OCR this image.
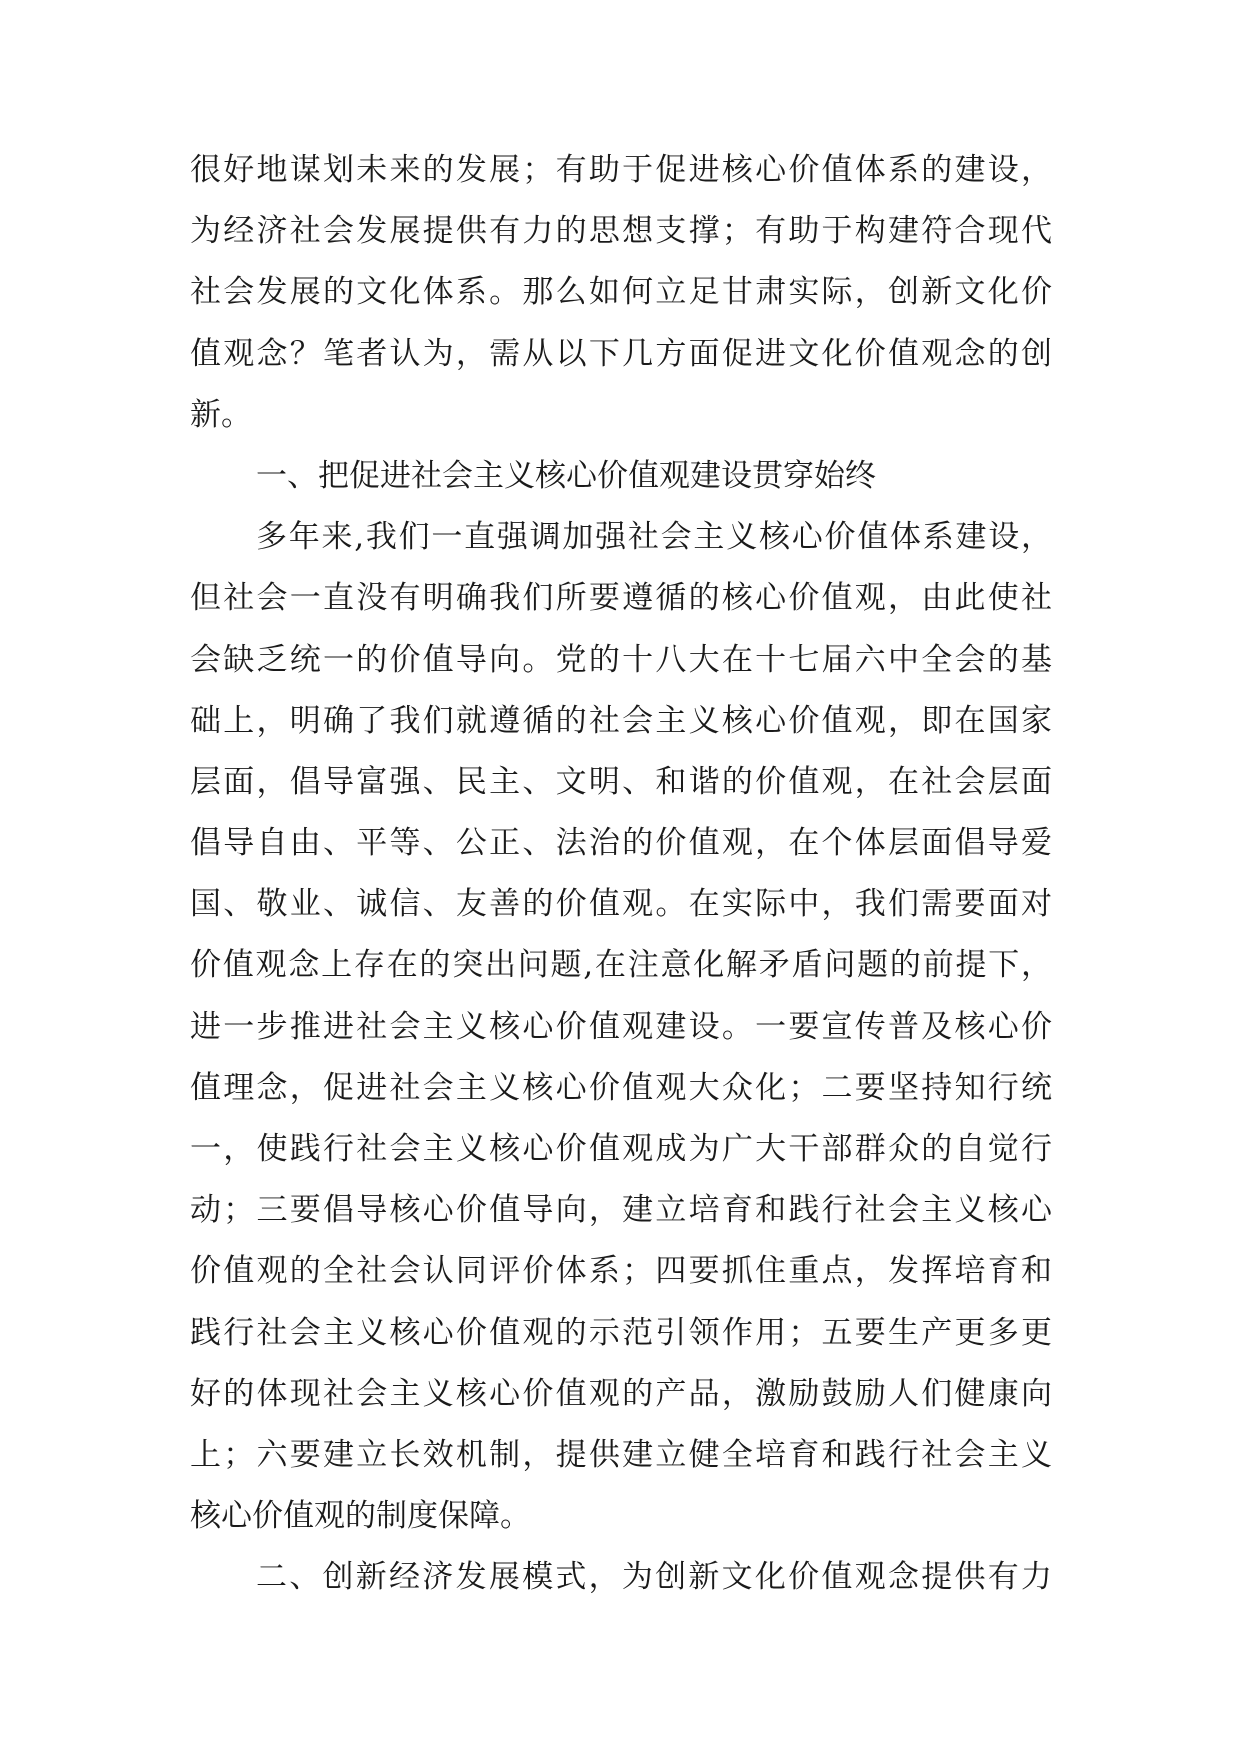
很好地谋划未来的发展；有助于促进核心价值体系的建设，
为经济社会发展提供有力的思想支撑；有助于构建符合现代
社会发展的文化体系。那么如何立足甘肃实际，创新文化价
值观念？笔者认为，需从以下几方面促进文化价值观念的创
新。
一、把促进社会主义核心价值观建设贯穿始终
多年来,我们一直强调加强社会主义核心价值体系建设，
但社会一直没有明确我们所要遵循的核心价值观，由此使社
会缺乏统一的价值导向。党的十八大在十七届六中全会的基
础上，明确了我们就遵循的社会主义核心价值观，即在国家
层面，倡导富强、民主、文明、和谐的价值观，在社会层面
倡导自由、平等、公正、法治的价值观，在个体层面倡导爱
国、敬业、诚信、友善的价值观。在实际中，我们需要面对
价值观念上存在的突出问题,在注意化解矛盾问题的前提下，
进一步推进社会主义核心价值观建设。一要宣传普及核心价
值理念，促进社会主义核心价值观大众化；二要坚持知行统
一，使践行社会主义核心价值观成为广大干部群众的自觉行
动；三要倡导核心价值导向，建立培育和践行社会主义核心
价值观的全社会认同评价体系；四要抓住重点，发挥培育和
践行社会主义核心价值观的示范引领作用；五要生产更多更
好的体现社会主义核心价值观的产品，激励鼓励人们健康向
上；六要建立长效机制，提供建立健全培育和践行社会主义
核心价值观的制度保障。
二、创新经济发展模式，为创新文化价值观念提供有力
